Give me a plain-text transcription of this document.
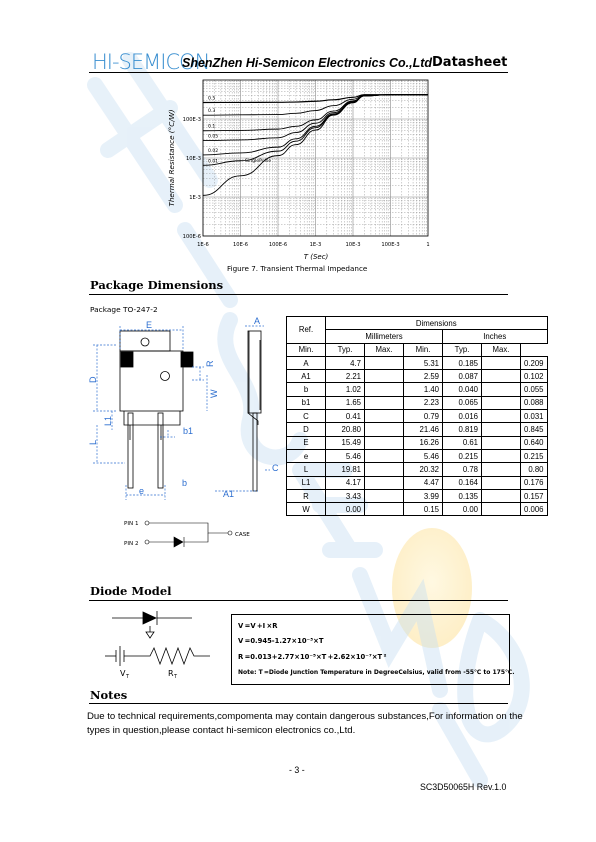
HI-SEMICON
ShenZhen Hi-Semicon Electronics Co.,Ltd Datasheet
0.5
0.3
0.1
0.05
0.02
0.01	SinglePulse
1E-6	10E-6	100E-6	1E-3	10E-3	100E-3	1
100E-6
1E-3
10E-3
100E-3
Thermal Resistance (°C/W)
T (Sec)
Figure 7. Transient Thermal Impedance
Package Dimensions
Package TO-247-2
E	A
R
D
W
L1
b1
L
C
e
b
A1
PIN 1
PIN 2
CASE
Ref.	Dimensions					
	Millimeters			Inches		
Min.	Typ.	Max.	Min.	Typ.	Max.	
A	4.7		5.31	0.185		0.209
A1	2.21		2.59	0.087		0.102
b	1.02		1.40	0.040		0.055
b1	1.65		2.23	0.065		0.088
C	0.41		0.79	0.016		0.031
D	20.80		21.46	0.819		0.845
E	15.49		16.26	0.61		0.640
e	5.46		5.46	0.215		0.215
L	19.81		20.32	0.78		0.80
L1	4.17		4.47	0.164		0.176
R	3.43		3.99	0.135		0.157
W	0.00		0.15	0.00		0.006
Diode Model
V T	R T
V =V +I ×R
V =0.945-1.27×10⁻³×T
R =0.013+2.77×10⁻⁵×T +2.62×10⁻⁷×T ²
Note: T =Diode Junction Temperature in DegreeCelsius, valid from -55℃ to 175℃.
Notes
Due to technical requirements,compomenta may contain dangerous substances,For information on the types in question,please contact hi-semicon electronics co.,Ltd.
- 3 -
SC3D50065H Rev.1.0
